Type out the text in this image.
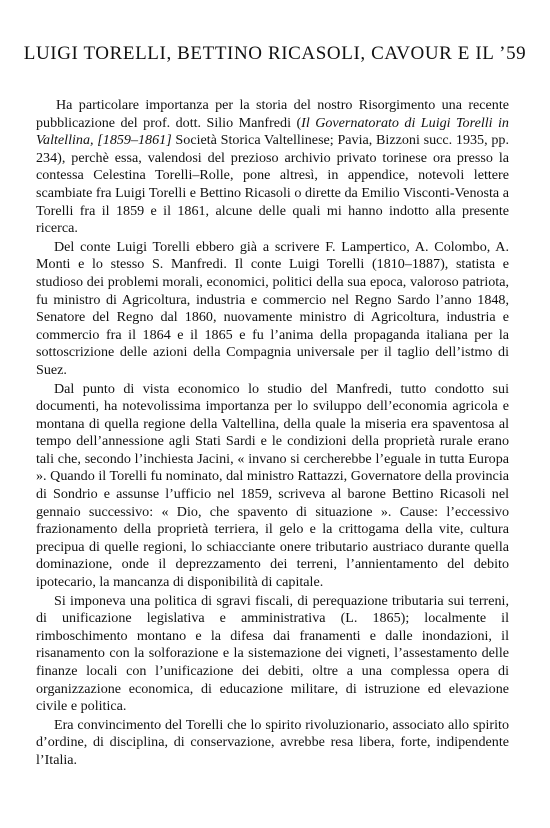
LUIGI TORELLI, BETTINO RICASOLI, CAVOUR E IL ’59

Ha particolare importanza per la storia del nostro Risorgimento una recente pubblicazione del prof. dott. Silio Manfredi (Il Governatorato di Luigi Torelli in Valtellina, [1859–1861] Società Storica Valtellinese; Pavia, Bizzoni succ. 1935, pp. 234), perchè essa, valendosi del prezioso archivio privato torinese ora presso la contessa Celestina Torelli–Rolle, pone altresì, in appendice, notevoli lettere scambiate fra Luigi Torelli e Bettino Ricasoli o dirette da Emilio Visconti-Venosta a Torelli fra il 1859 e il 1861, alcune delle quali mi hanno indotto alla presente ricerca.

Del conte Luigi Torelli ebbero già a scrivere F. Lampertico, A. Colombo, A. Monti e lo stesso S. Manfredi. Il conte Luigi Torelli (1810–1887), statista e studioso dei problemi morali, economici, politici della sua epoca, valoroso patriota, fu ministro di Agricoltura, industria e commercio nel Regno Sardo l’anno 1848, Senatore del Regno dal 1860, nuovamente ministro di Agricoltura, industria e commercio fra il 1864 e il 1865 e fu l’anima della propaganda italiana per la sottoscrizione delle azioni della Compagnia universale per il taglio dell’istmo di Suez.

Dal punto di vista economico lo studio del Manfredi, tutto condotto sui documenti, ha notevolissima importanza per lo sviluppo dell’economia agricola e montana di quella regione della Valtellina, della quale la miseria era spaventosa al tempo dell’annessione agli Stati Sardi e le condizioni della proprietà rurale erano tali che, secondo l’inchiesta Jacini, « invano si cercherebbe l’eguale in tutta Europa ». Quando il Torelli fu nominato, dal ministro Rattazzi, Governatore della provincia di Sondrio e assunse l’ufficio nel 1859, scriveva al barone Bettino Ricasoli nel gennaio successivo: « Dio, che spavento di situazione ». Cause: l’eccessivo frazionamento della proprietà terriera, il gelo e la crittogama della vite, cultura precipua di quelle regioni, lo schiacciante onere tributario austriaco durante quella dominazione, onde il deprezzamento dei terreni, l’annientamento del debito ipotecario, la mancanza di disponibilità di capitale.

Si imponeva una politica di sgravi fiscali, di perequazione tributaria sui terreni, di unificazione legislativa e amministrativa (L. 1865); localmente il rimboschimento montano e la difesa dai franamenti e dalle inondazioni, il risanamento con la solforazione e la sistemazione dei vigneti, l’assestamento delle finanze locali con l’unificazione dei debiti, oltre a una complessa opera di organizzazione economica, di educazione militare, di istruzione ed elevazione civile e politica.

Era convincimento del Torelli che lo spirito rivoluzionario, associato allo spirito d’ordine, di disciplina, di conservazione, avrebbe resa libera, forte, indipendente l’Italia.
